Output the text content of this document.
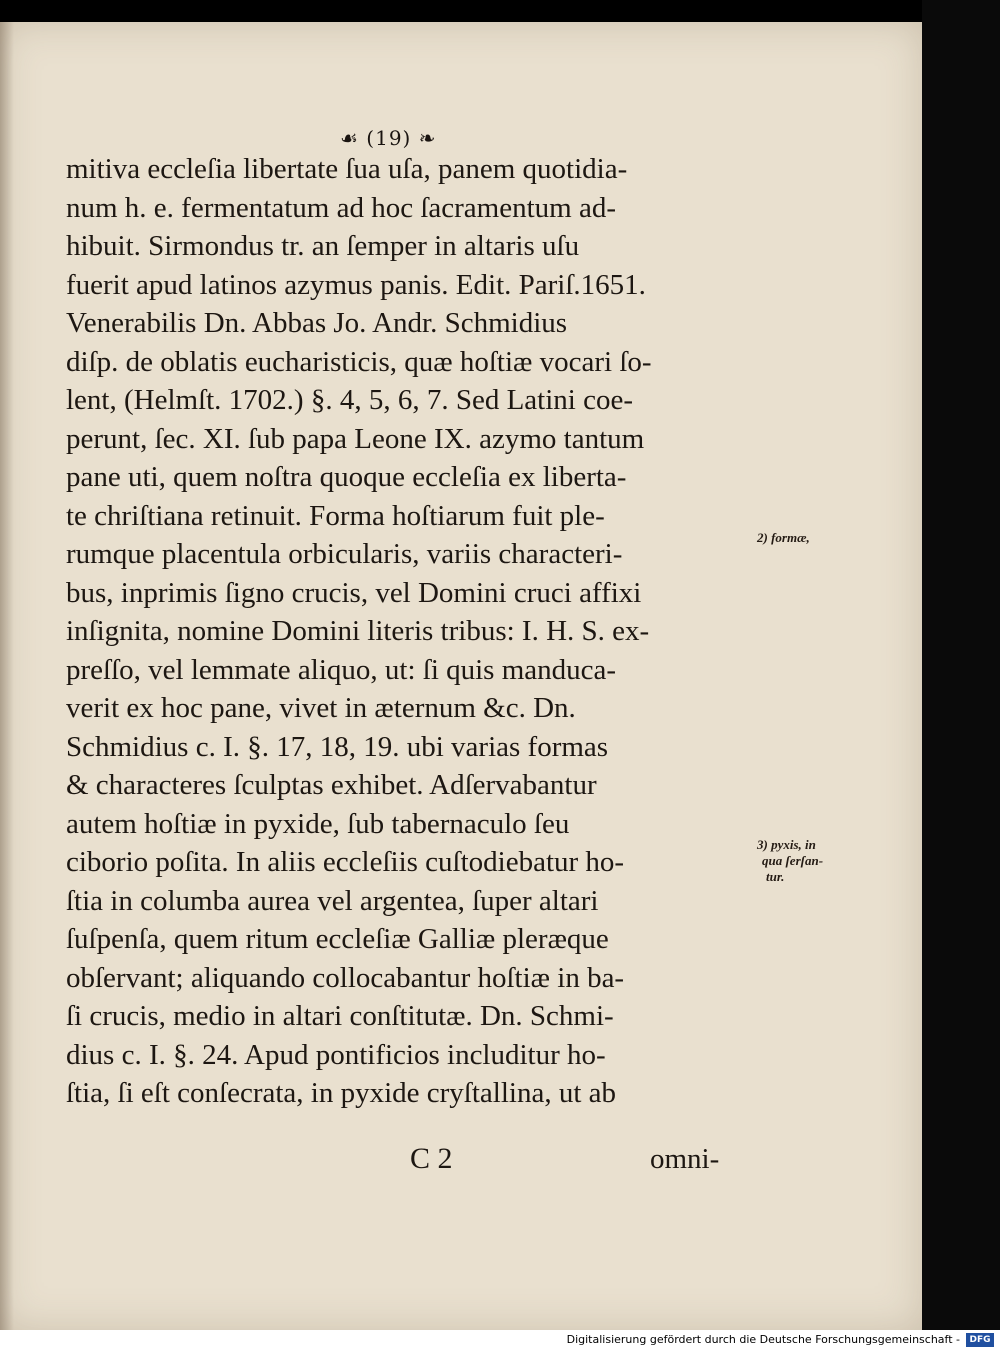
☙ (19) ❧
mitiva eccleſia libertate ſua uſa, panem quotidia-
num h. e. fermentatum ad hoc ſacramentum ad-
hibuit. Sirmondus tr. an ſemper in altaris uſu
fuerit apud latinos azymus panis. Edit. Pariſ.1651.
Venerabilis Dn. Abbas Jo. Andr. Schmidius
diſp. de oblatis eucharisticis, quæ hoſtiæ vocari ſo-
lent, (Helmſt. 1702.) §. 4, 5, 6, 7. Sed Latini coe-
perunt, ſec. XI. ſub papa Leone IX. azymo tantum
pane uti, quem noſtra quoque eccleſia ex liberta-
te chriſtiana retinuit. Forma hoſtiarum fuit ple-
rumque placentula orbicularis, variis characteri-
bus, inprimis ſigno crucis, vel Domini cruci affixi
inſignita, nomine Domini literis tribus: I. H. S. ex-
preſſo, vel lemmate aliquo, ut: ſi quis manduca-
verit ex hoc pane, vivet in æternum &c. Dn.
Schmidius c. I. §. 17, 18, 19. ubi varias formas
& characteres ſculptas exhibet. Adſervabantur
autem hoſtiæ in pyxide, ſub tabernaculo ſeu
ciborio poſita. In aliis eccleſiis cuſtodiebatur ho-
ſtia in columba aurea vel argentea, ſuper altari
ſuſpenſa, quem ritum eccleſiæ Galliæ pleræque
obſervant; aliquando collocabantur hoſtiæ in ba-
ſi crucis, medio in altari conſtitutæ. Dn. Schmi-
dius c. I. §. 24. Apud pontificios includitur ho-
ſtia, ſi eſt conſecrata, in pyxide cryſtallina, ut ab
C 2	omni-
2) formæ,
3) pyxis, in
qua ſerſan-
tur.
Digitalisierung gefördert durch die Deutsche Forschungsgemeinschaft -	DFG
